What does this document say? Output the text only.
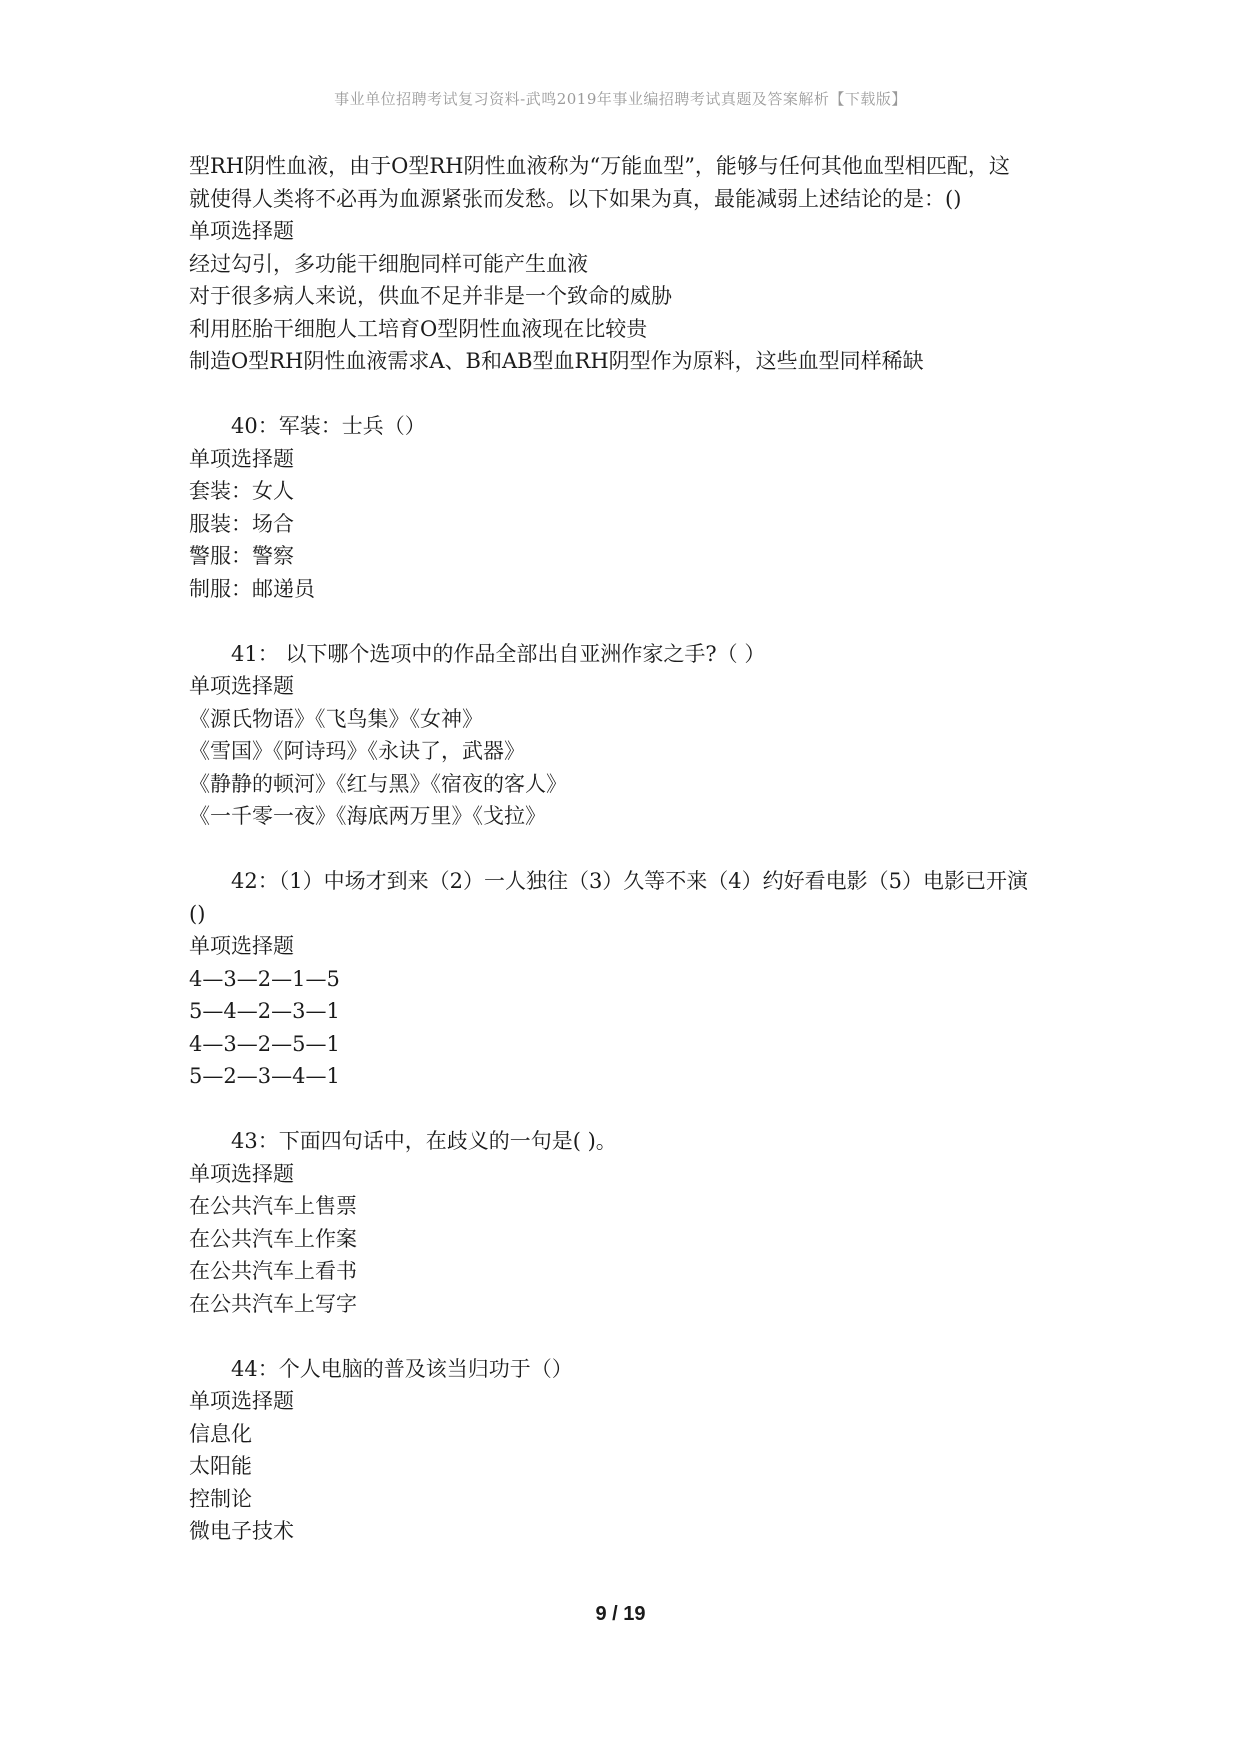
事业单位招聘考试复习资料-武鸣2019年事业编招聘考试真题及答案解析【下载版】
型RH阴性血液，由于O型RH阴性血液称为“万能血型”，能够与任何其他血型相匹配，这
就使得人类将不必再为血源紧张而发愁。以下如果为真，最能减弱上述结论的是：()
单项选择题
经过勾引，多功能干细胞同样可能产生血液
对于很多病人来说，供血不足并非是一个致命的威胁
利用胚胎干细胞人工培育O型阴性血液现在比较贵
制造O型RH阴性血液需求A、B和AB型血RH阴型作为原料，这些血型同样稀缺
40：军装：士兵（）
单项选择题
套装：女人
服装：场合
警服：警察
制服：邮递员
41： 以下哪个选项中的作品全部出自亚洲作家之手?（ ）
单项选择题
《源氏物语》《飞鸟集》《女神》
《雪国》《阿诗玛》《永诀了，武器》
《静静的顿河》《红与黑》《宿夜的客人》
《一千零一夜》《海底两万里》《戈拉》
42：（1）中场才到来（2）一人独往（3）久等不来（4）约好看电影（5）电影已开演
()
单项选择题
4—3—2—1—5
5—4—2—3—1
4—3—2—5—1
5—2—3—4—1
43：下面四句话中，在歧义的一句是( )。
单项选择题
在公共汽车上售票
在公共汽车上作案
在公共汽车上看书
在公共汽车上写字
44：个人电脑的普及该当归功于（）
单项选择题
信息化
太阳能
控制论
微电子技术
9 / 19
